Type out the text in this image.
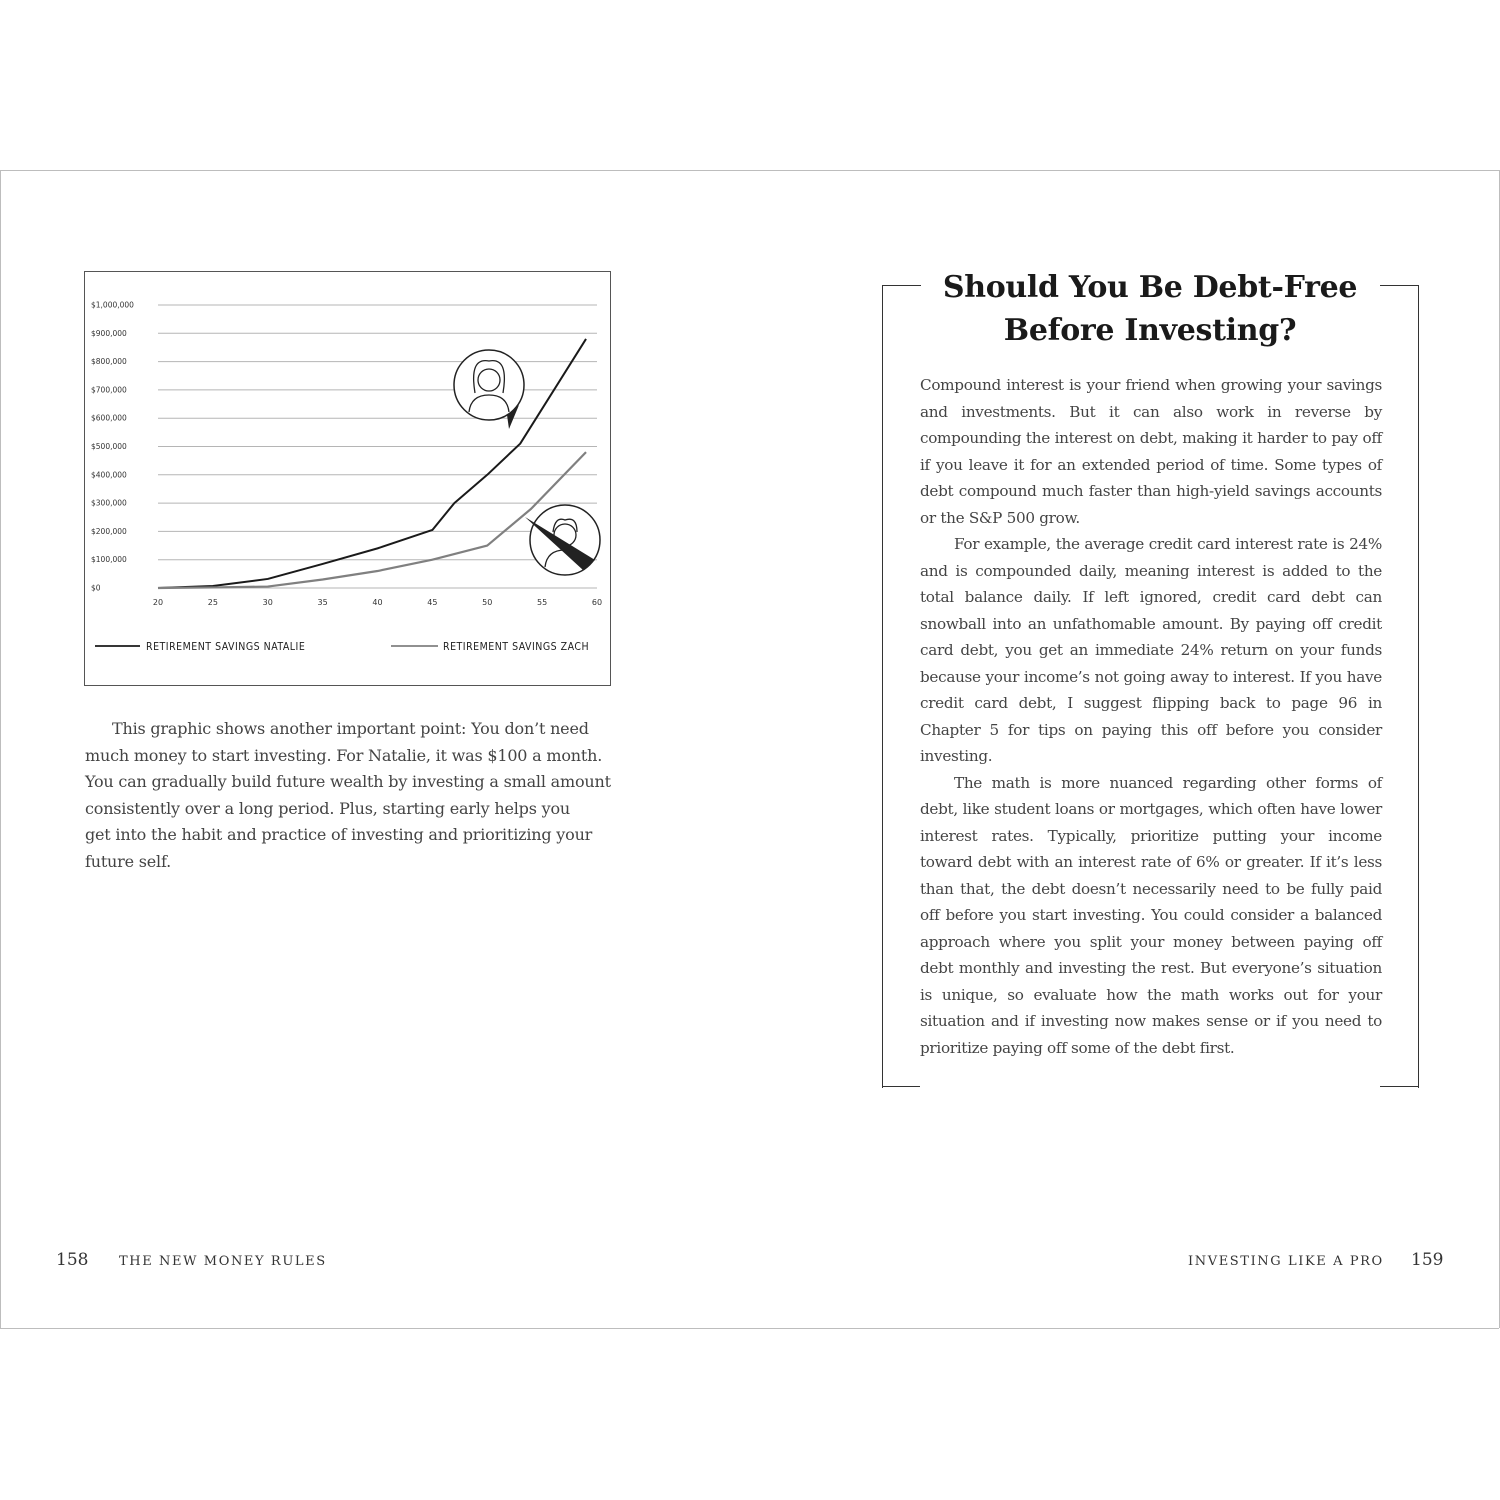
$1,000,000
$900,000
$800,000
$700,000
$600,000
$500,000
$400,000
$300,000
$200,000
$100,000
$0
20	25	30	35	40	45	50	55	60
RETIREMENT SAVINGS NATALIE	RETIREMENT SAVINGS ZACH
This graphic shows another important point: You don’t need
much money to start investing. For Natalie, it was $100 a month.
You can gradually build future wealth by investing a small amount
consistently over a long period. Plus, starting early helps you
get into the habit and practice of investing and prioritizing your
future self.
Should You Be Debt-Free
Before Investing?

Compound interest is your friend when growing your savings and investments. But it can also work in reverse by compounding the interest on debt, making it harder to pay off if you leave it for an extended period of time. Some types of debt compound much faster than high-yield savings accounts or the S&P 500 grow.

For example, the average credit card interest rate is 24% and is compounded daily, meaning interest is added to the total balance daily. If left ignored, credit card debt can snowball into an unfathomable amount. By paying off credit card debt, you get an immediate 24% return on your funds because your income’s not going away to interest. If you have credit card debt, I suggest flipping back to page 96 in Chapter 5 for tips on paying this off before you consider investing.

The math is more nuanced regarding other forms of debt, like student loans or mortgages, which often have lower interest rates. Typically, prioritize putting your income toward debt with an interest rate of 6% or greater. If it’s less than that, the debt doesn’t necessarily need to be fully paid off before you start investing. You could consider a balanced approach where you split your money between paying off debt monthly and investing the rest. But everyone’s situation is unique, so evaluate how the math works out for your situation and if investing now makes sense or if you need to prioritize paying off some of the debt first.

158 THE NEW MONEY RULES	INVESTING LIKE A PRO 159
